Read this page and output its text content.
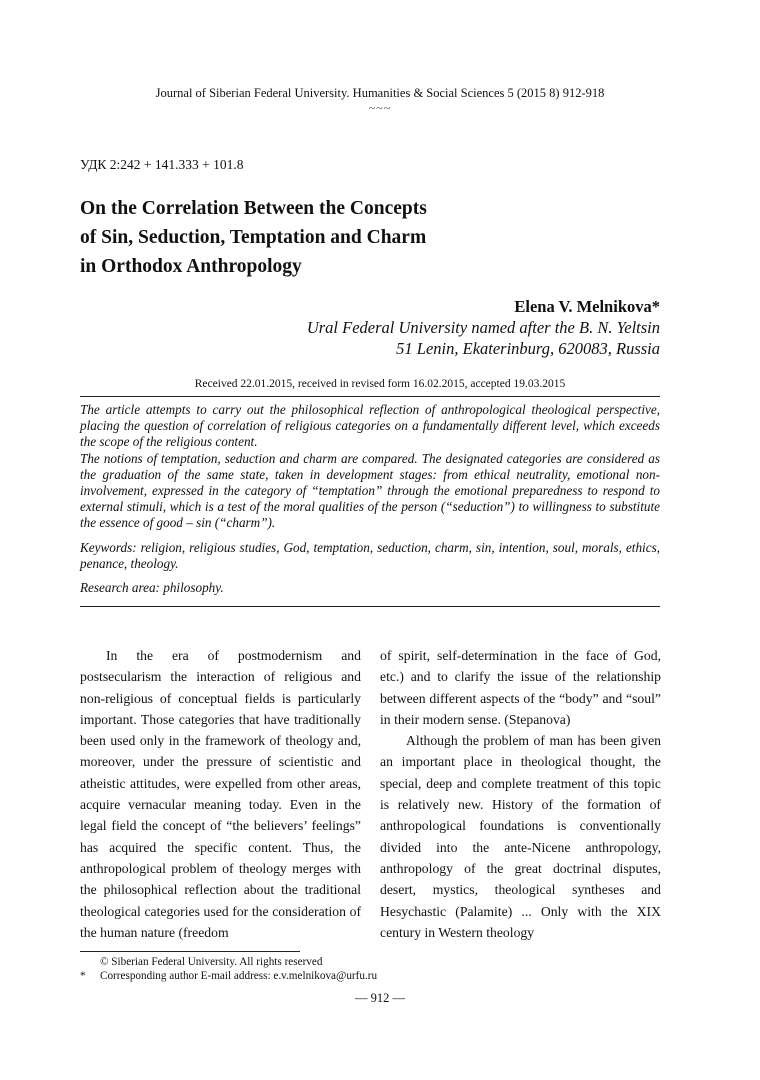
Journal of Siberian Federal University. Humanities & Social Sciences 5 (2015 8) 912-918
~~~
УДК 2:242 + 141.333 + 101.8
On the Correlation Between the Concepts
of Sin, Seduction, Temptation and Charm
in Orthodox Anthropology
Elena V. Melnikova*
Ural Federal University named after the B. N. Yeltsin
51 Lenin, Ekaterinburg, 620083, Russia
Received 22.01.2015, received in revised form 16.02.2015, accepted 19.03.2015

The article attempts to carry out the philosophical reflection of anthropological theological perspective, placing the question of correlation of religious categories on a fundamentally different level, which exceeds the scope of the religious content.

The notions of temptation, seduction and charm are compared. The designated categories are considered as the graduation of the same state, taken in development stages: from ethical neutrality, emotional non-involvement, expressed in the category of “temptation” through the emotional preparedness to respond to external stimuli, which is a test of the moral qualities of the person (“seduction”) to willingness to substitute the essence of good – sin (“charm”).

Keywords: religion, religious studies, God, temptation, seduction, charm, sin, intention, soul, morals, ethics, penance, theology.

Research area: philosophy.

In the era of postmodernism and postsecularism the interaction of religious and non-religious of conceptual fields is particularly important. Those categories that have traditionally been used only in the framework of theology and, moreover, under the pressure of scientistic and atheistic attitudes, were expelled from other areas, acquire vernacular meaning today. Even in the legal field the concept of “the believers’ feelings” has acquired the specific content. Thus, the anthropological problem of theology merges with the philosophical reflection about the traditional theological categories used for the consideration of the human nature (freedom

of spirit, self-determination in the face of God, etc.) and to clarify the issue of the relationship between different aspects of the “body” and “soul” in their modern sense. (Stepanova)

Although the problem of man has been given an important place in theological thought, the special, deep and complete treatment of this topic is relatively new. History of the formation of anthropological foundations is conventionally divided into the ante-Nicene anthropology, anthropology of the great doctrinal disputes, desert, mystics, theological syntheses and Hesychastic (Palamite) ... Only with the XIX century in Western theology

© Siberian Federal University. All rights reserved
*	Corresponding author E-mail address: e.v.melnikova@urfu.ru
— 912 —
